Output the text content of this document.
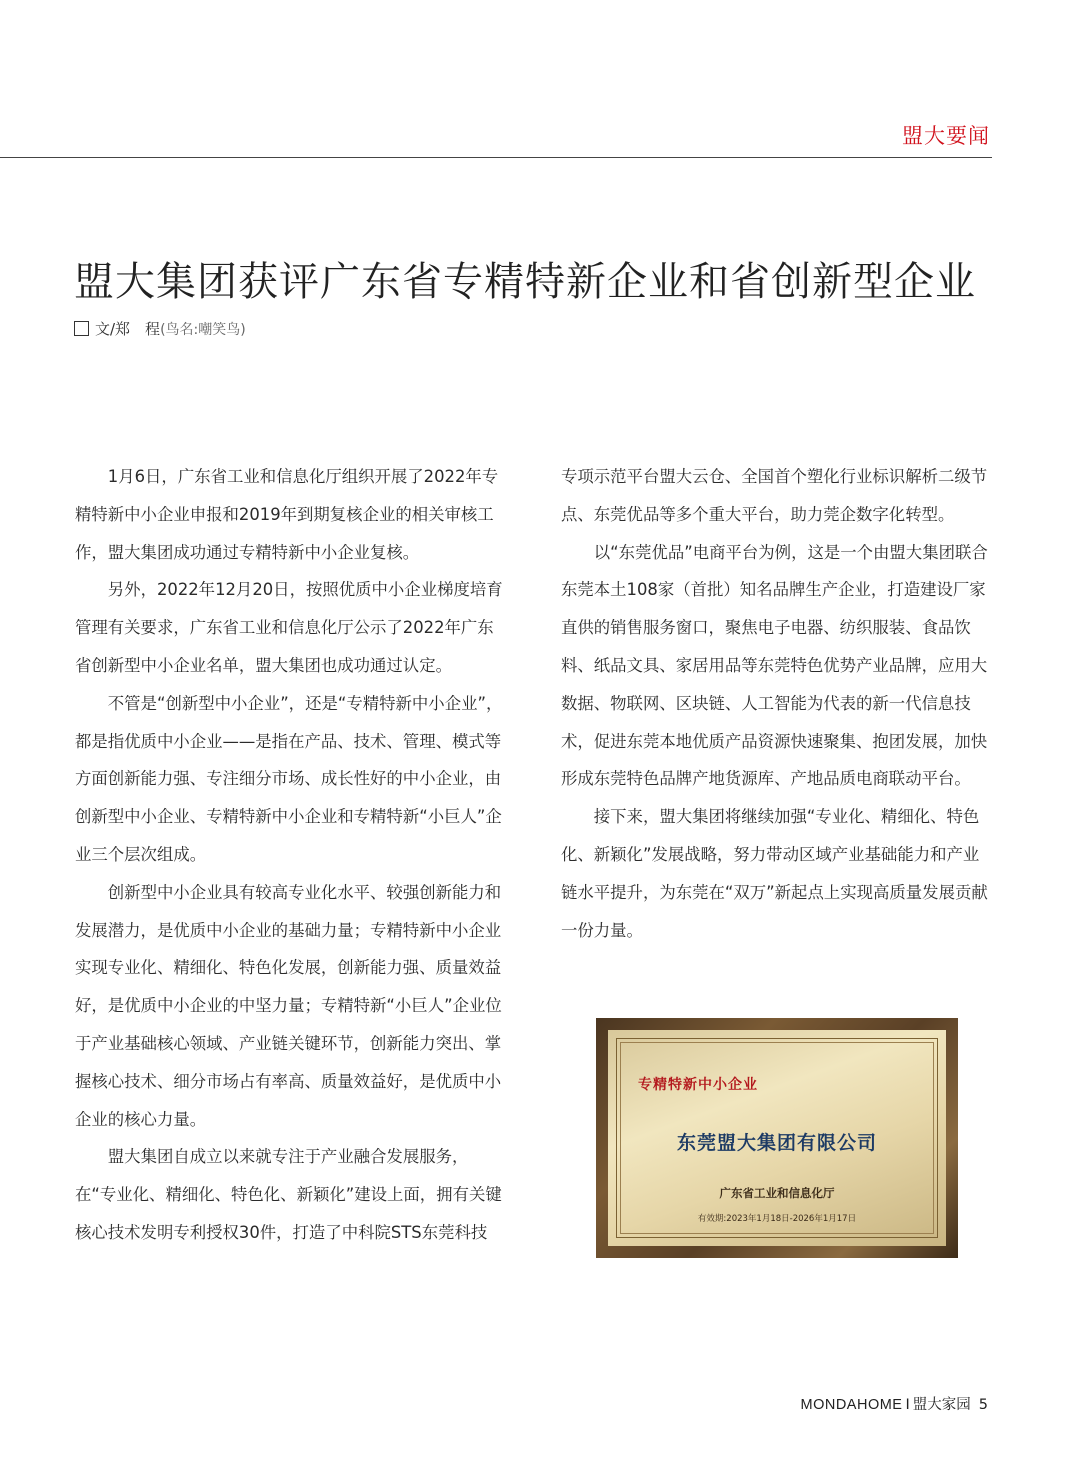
盟大要闻
盟大集团获评广东省专精特新企业和省创新型企业
文/郑　程(鸟名:嘲笑鸟)

1月6日，广东省工业和信息化厅组织开展了2022年专精特新中小企业申报和2019年到期复核企业的相关审核工作，盟大集团成功通过专精特新中小企业复核。

另外，2022年12月20日，按照优质中小企业梯度培育管理有关要求，广东省工业和信息化厅公示了2022年广东省创新型中小企业名单，盟大集团也成功通过认定。

不管是“创新型中小企业”，还是“专精特新中小企业”，都是指优质中小企业——是指在产品、技术、管理、模式等方面创新能力强、专注细分市场、成长性好的中小企业，由创新型中小企业、专精特新中小企业和专精特新“小巨人”企业三个层次组成。

创新型中小企业具有较高专业化水平、较强创新能力和发展潜力，是优质中小企业的基础力量；专精特新中小企业实现专业化、精细化、特色化发展，创新能力强、质量效益好，是优质中小企业的中坚力量；专精特新“小巨人”企业位于产业基础核心领域、产业链关键环节，创新能力突出、掌握核心技术、细分市场占有率高、质量效益好，是优质中小企业的核心力量。

盟大集团自成立以来就专注于产业融合发展服务，在“专业化、精细化、特色化、新颖化”建设上面，拥有关键核心技术发明专利授权30件，打造了中科院STS东莞科技

专项示范平台盟大云仓、全国首个塑化行业标识解析二级节点、东莞优品等多个重大平台，助力莞企数字化转型。

以“东莞优品”电商平台为例，这是一个由盟大集团联合东莞本土108家（首批）知名品牌生产企业，打造建设厂家直供的销售服务窗口，聚焦电子电器、纺织服装、食品饮料、纸品文具、家居用品等东莞特色优势产业品牌，应用大数据、物联网、区块链、人工智能为代表的新一代信息技术，促进东莞本地优质产品资源快速聚集、抱团发展，加快形成东莞特色品牌产地货源库、产地品质电商联动平台。

接下来，盟大集团将继续加强“专业化、精细化、特色化、新颖化”发展战略，努力带动区域产业基础能力和产业链水平提升，为东莞在“双万”新起点上实现高质量发展贡献一份力量。

专精特新中小企业
东莞盟大集团有限公司
广东省工业和信息化厅
有效期:2023年1月18日-2026年1月17日
MONDAHOME I 盟大家园 5
